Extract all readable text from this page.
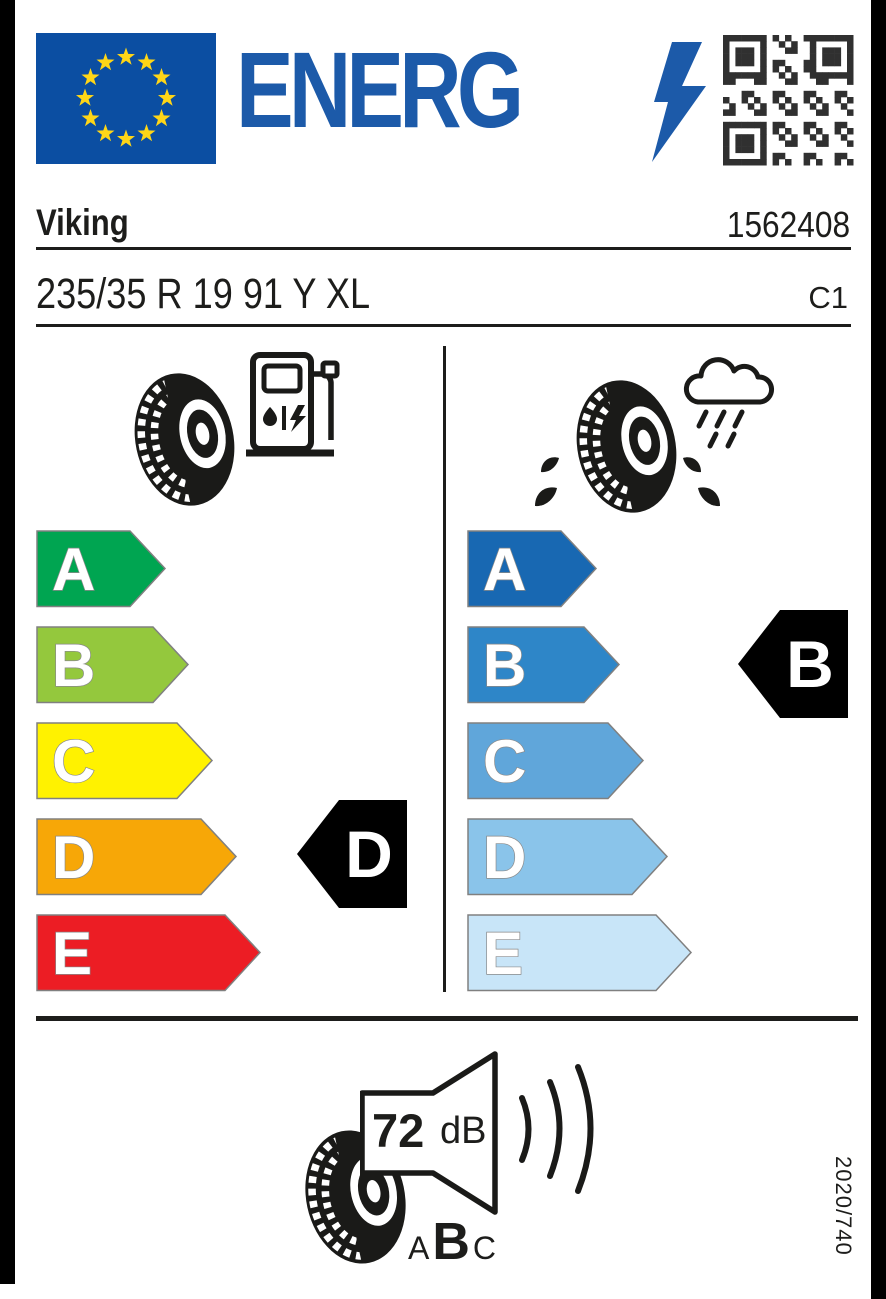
ENERG
Viking	1562408
235/35 R 19 91 Y XL	C1
A
B
C
D
E
D
A
B
C
D
E
B
72 dB
A B C	2020/740
